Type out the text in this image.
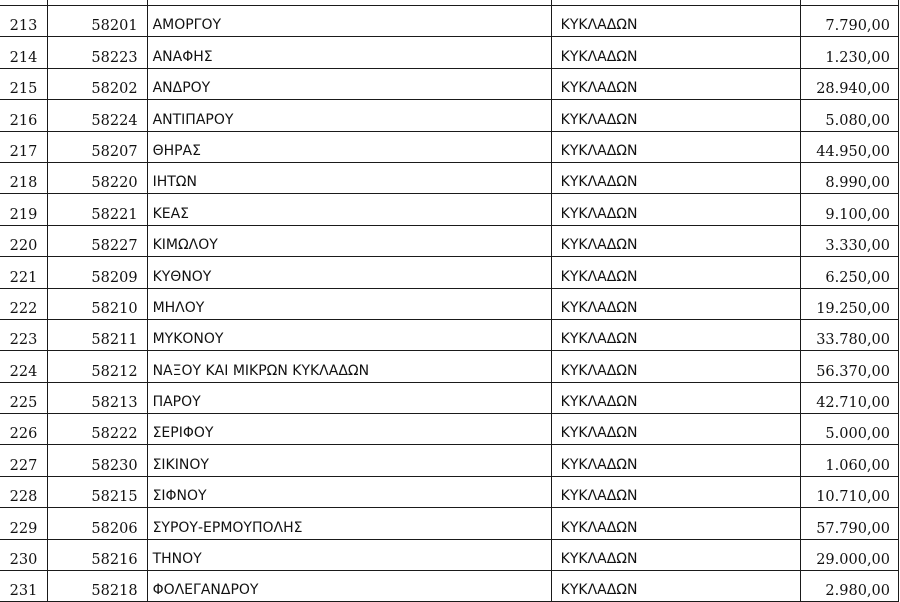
213	58201	ΑΜΟΡΓΟΥ	ΚΥΚΛΑΔΩΝ	7.790,00
214	58223	ΑΝΑΦΗΣ	ΚΥΚΛΑΔΩΝ	1.230,00
215	58202	ΑΝΔΡΟΥ	ΚΥΚΛΑΔΩΝ	28.940,00
216	58224	ΑΝΤΙΠΑΡΟΥ	ΚΥΚΛΑΔΩΝ	5.080,00
217	58207	ΘΗΡΑΣ	ΚΥΚΛΑΔΩΝ	44.950,00
218	58220	ΙΗΤΩΝ	ΚΥΚΛΑΔΩΝ	8.990,00
219	58221	ΚΕΑΣ	ΚΥΚΛΑΔΩΝ	9.100,00
220	58227	ΚΙΜΩΛΟΥ	ΚΥΚΛΑΔΩΝ	3.330,00
221	58209	ΚΥΘΝΟΥ	ΚΥΚΛΑΔΩΝ	6.250,00
222	58210	ΜΗΛΟΥ	ΚΥΚΛΑΔΩΝ	19.250,00
223	58211	ΜΥΚΟΝΟΥ	ΚΥΚΛΑΔΩΝ	33.780,00
224	58212	ΝΑΞΟΥ ΚΑΙ ΜΙΚΡΩΝ ΚΥΚΛΑΔΩΝ	ΚΥΚΛΑΔΩΝ	56.370,00
225	58213	ΠΑΡΟΥ	ΚΥΚΛΑΔΩΝ	42.710,00
226	58222	ΣΕΡΙΦΟΥ	ΚΥΚΛΑΔΩΝ	5.000,00
227	58230	ΣΙΚΙΝΟΥ	ΚΥΚΛΑΔΩΝ	1.060,00
228	58215	ΣΙΦΝΟΥ	ΚΥΚΛΑΔΩΝ	10.710,00
229	58206	ΣΥΡΟΥ-ΕΡΜΟΥΠΟΛΗΣ	ΚΥΚΛΑΔΩΝ	57.790,00
230	58216	ΤΗΝΟΥ	ΚΥΚΛΑΔΩΝ	29.000,00
231	58218	ΦΟΛΕΓΑΝΔΡΟΥ	ΚΥΚΛΑΔΩΝ	2.980,00
